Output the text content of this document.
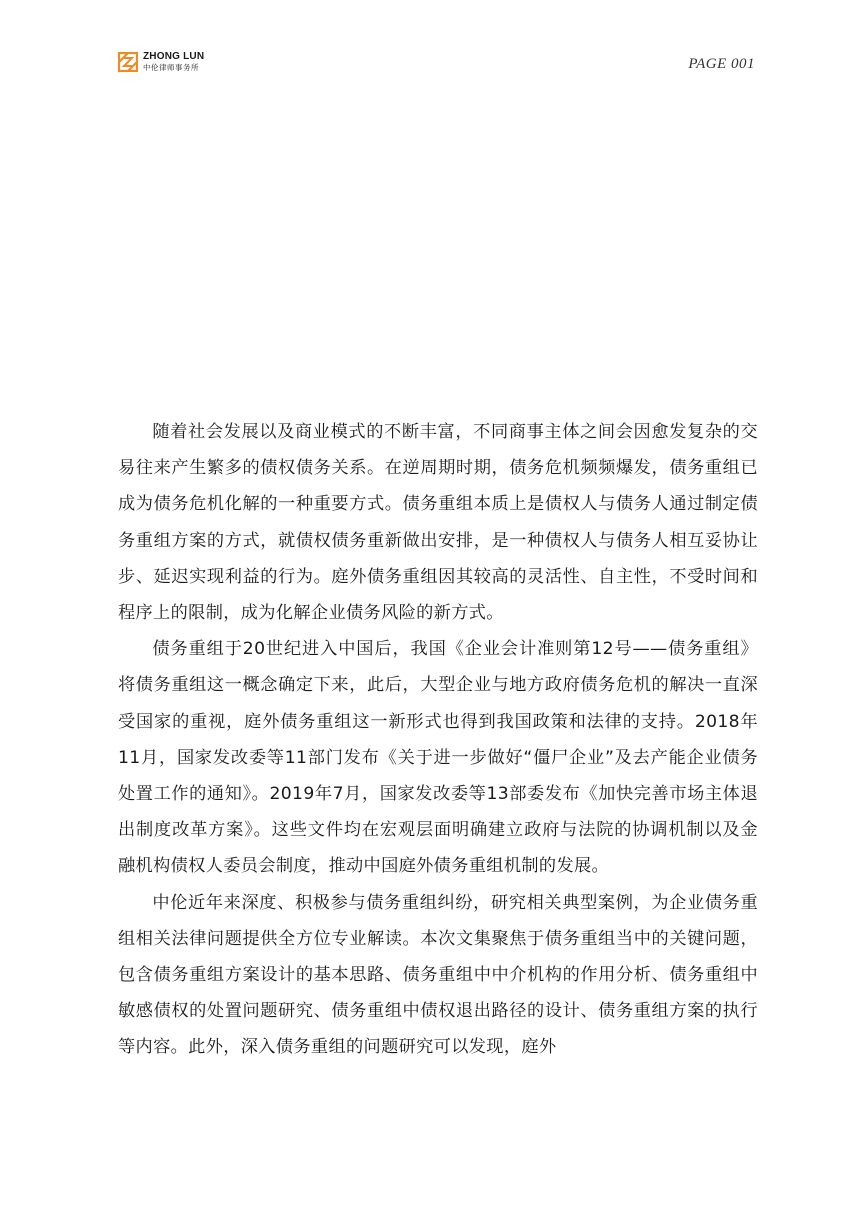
ZHONG LUN
中伦律师事务所	PAGE 001

随着社会发展以及商业模式的不断丰富，不同商事主体之间会因愈发复杂的交易往来产生繁多的债权债务关系。在逆周期时期，债务危机频频爆发，债务重组已成为债务危机化解的一种重要方式。债务重组本质上是债权人与债务人通过制定债务重组方案的方式，就债权债务重新做出安排，是一种债权人与债务人相互妥协让步、延迟实现利益的行为。庭外债务重组因其较高的灵活性、自主性，不受时间和程序上的限制，成为化解企业债务风险的新方式。

债务重组于20世纪进入中国后，我国《企业会计准则第12号——债务重组》将债务重组这一概念确定下来，此后，大型企业与地方政府债务危机的解决一直深受国家的重视，庭外债务重组这一新形式也得到我国政策和法律的支持。2018年11月，国家发改委等11部门发布《关于进一步做好“僵尸企业”及去产能企业债务处置工作的通知》。2019年7月，国家发改委等13部委发布《加快完善市场主体退出制度改革方案》。这些文件均在宏观层面明确建立政府与法院的协调机制以及金融机构债权人委员会制度，推动中国庭外债务重组机制的发展。

中伦近年来深度、积极参与债务重组纠纷，研究相关典型案例，为企业债务重组相关法律问题提供全方位专业解读。本次文集聚焦于债务重组当中的关键问题，包含债务重组方案设计的基本思路、债务重组中中介机构的作用分析、债务重组中敏感债权的处置问题研究、债务重组中债权退出路径的设计、债务重组方案的执行等内容。此外，深入债务重组的问题研究可以发现，庭外
